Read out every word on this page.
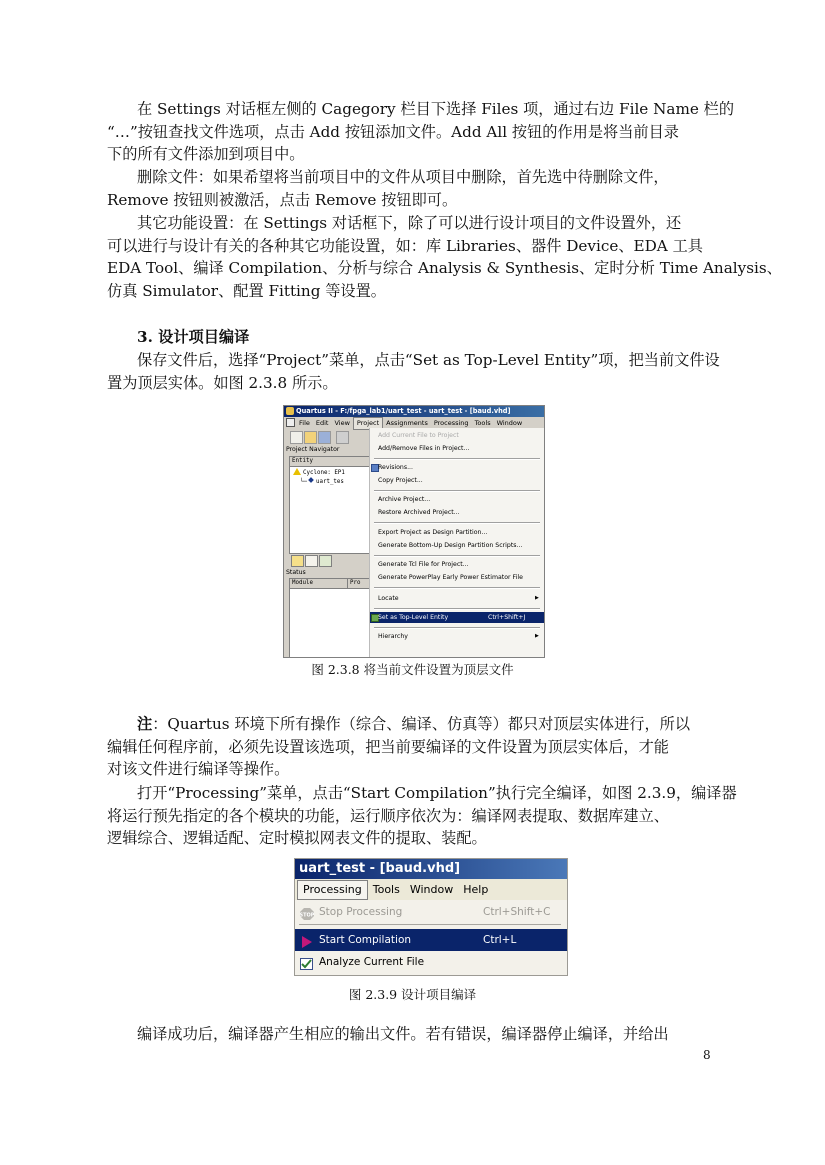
在 Settings 对话框左侧的 Cagegory 栏目下选择 Files 项，通过右边 File Name 栏的
“…”按钮查找文件选项，点击 Add 按钮添加文件。Add All 按钮的作用是将当前目录
下的所有文件添加到项目中。

删除文件：如果希望将当前项目中的文件从项目中删除，首先选中待删除文件，
Remove 按钮则被激活，点击 Remove 按钮即可。

其它功能设置：在 Settings 对话框下，除了可以进行设计项目的文件设置外，还
可以进行与设计有关的各种其它功能设置，如：库 Libraries、器件 Device、EDA 工具
EDA Tool、编译 Compilation、分析与综合 Analysis & Synthesis、定时分析 Time Analysis、
仿真 Simulator、配置 Fitting 等设置。

3. 设计项目编译

保存文件后，选择“Project”菜单，点击“Set as Top-Level Entity”项，把当前文件设
置为顶层实体。如图 2.3.8 所示。

Quartus II - F:/fpga_lab1/uart_test - uart_test - [baud.vhd]
File Edit View Project Assignments Processing Tools Window
Project Navigator
Entity
Cyclone: EP1
└─ uart_tes
Status
Module	Pro
Add Current File to Project
Add/Remove Files in Project...
Revisions...
Copy Project...
Archive Project...
Restore Archived Project...
Export Project as Design Partition...
Generate Bottom-Up Design Partition Scripts...
Generate Tcl File for Project...
Generate PowerPlay Early Power Estimator File
Locate	▶
Set as Top-Level Entity	Ctrl+Shift+J
Hierarchy	▶
图 2.3.8 将当前文件设置为顶层文件

注：Quartus 环境下所有操作（综合、编译、仿真等）都只对顶层实体进行，所以
编辑任何程序前，必须先设置该选项，把当前要编译的文件设置为顶层实体后，才能
对该文件进行编译等操作。

打开“Processing”菜单，点击“Start Compilation”执行完全编译，如图 2.3.9，编译器
将运行预先指定的各个模块的功能，运行顺序依次为：编译网表提取、数据库建立、
逻辑综合、逻辑适配、定时模拟网表文件的提取、装配。

uart_test - [baud.vhd]
Processing Tools Window Help
STOP Stop Processing	Ctrl+Shift+C
Start Compilation	Ctrl+L
Analyze Current File
图 2.3.9 设计项目编译

编译成功后，编译器产生相应的输出文件。若有错误，编译器停止编译，并给出

8
